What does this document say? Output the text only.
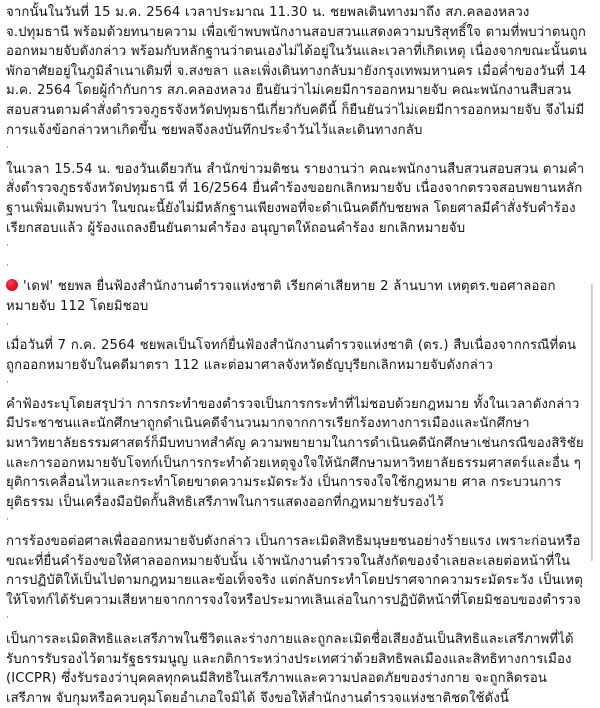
จากนั้นในวันที่ 15 ม.ค. 2564 เวลาประมาณ 11.30 น. ชยพลเดินทางมาถึง สภ.คลองหลวง จ.ปทุมธานี พร้อมด้วยทนายความ เพื่อเข้าพบพนักงานสอบสวนแสดงความบริสุทธิ์ใจ ตามที่พบว่าตนถูกออกหมายจับดังกล่าว พร้อมกับหลักฐานว่าตนเองไม่ได้อยู่ในวันและเวลาที่เกิดเหตุ เนื่องจากขณะนั้นตนพักอาศัยอยู่ในภูมิลำเนาเดิมที่ จ.สงขลา และเพิ่งเดินทางกลับมายังกรุงเทพมหานคร เมื่อค่ำของวันที่ 14 ม.ค. 2564 โดยผู้กำกับการ สภ.คลองหลวง ยืนยันว่าไม่เคยมีการออกหมายจับ คณะพนักงานสืบสวนสอบสวนตามคำสั่งตำรวจภูธรจังหวัดปทุมธานีเกี่ยวกับคดีนี้ ก็ยืนยันว่าไม่เคยมีการออกหมายจับ จึงไม่มีการแจ้งข้อกล่าวหาเกิดขึ้น ชยพลจึงลงบันทึกประจำวันไว้และเดินทางกลับ

·

ในเวลา 15.54 น. ของวันเดียวกัน สำนักข่าวมติชน รายงานว่า คณะพนักงานสืบสวนสอบสวน ตามคำสั่งตำรวจภูธรจังหวัดปทุมธานี ที่ 16/2564 ยื่นคำร้องขอยกเลิกหมายจับ เนื่องจากตรวจสอบพยานหลักฐานเพิ่มเติมพบว่า ในขณะนี้ยังไม่มีหลักฐานเพียงพอที่จะดำเนินคดีกับชยพล โดยศาลมีคำสั่งรับคำร้อง เรียกสอบแล้ว ผู้ร้องแถลงยืนยันตามคำร้อง อนุญาตให้ถอนคำร้อง ยกเลิกหมายจับ

·
·

'เดฟ' ชยพล ยื่นฟ้องสำนักงานตำรวจแห่งชาติ เรียกค่าเสียหาย 2 ล้านบาท เหตุตร.ขอศาลออกหมายจับ 112 โดยมิชอบ

·

เมื่อวันที่ 7 ก.ค. 2564 ชยพลเป็นโจทก์ยื่นฟ้องสำนักงานตำรวจแห่งชาติ (ตร.) สืบเนื่องจากกรณีที่ตนถูกออกหมายจับในคดีมาตรา 112 และต่อมาศาลจังหวัดธัญบุรียกเลิกหมายจับดังกล่าว

·

คำฟ้องระบุโดยสรุปว่า การกระทำของตำรวจเป็นการกระทำที่ไม่ชอบด้วยกฎหมาย ทั้งในเวลาดังกล่าวมีประชาชนและนักศึกษาถูกดำเนินคดีจำนวนมากจากการเรียกร้องทางการเมืองและนักศึกษามหาวิทยาลัยธรรมศาสตร์ก็มีบทบาทสำคัญ ความพยายามในการดำเนินคดีนักศึกษาเช่นกรณีของสิริชัย และการออกหมายจับโจทก์เป็นการกระทำด้วยเหตุจูงใจให้นักศึกษามหาวิทยาลัยธรรมศาสตร์และอื่น ๆ ยุติการเคลื่อนไหวและกระทำโดยขาดความระมัดระวัง เป็นการจงใจใช้กฎหมาย ศาล กระบวนการยุติธรรม เป็นเครื่องมือปัดกั้นสิทธิเสรีภาพในการแสดงออกที่กฎหมายรับรองไว้

·

การร้องขอต่อศาลเพื่อออกหมายจับดังกล่าว เป็นการละเมิดสิทธิมนุษยชนอย่างร้ายแรง เพราะก่อนหรือขณะที่ยื่นคำร้องขอให้ศาลออกหมายจับนั้น เจ้าพนักงานตำรวจในสังกัดของจำเลยละเลยต่อหน้าที่ในการปฏิบัติให้เป็นไปตามกฎหมายและข้อเท็จจริง แต่กลับกระทำโดยปราศจากความระมัดระวัง เป็นเหตุให้โจทก์ได้รับความเสียหายจากการจงใจหรือประมาทเลินเล่อในการปฏิบัติหน้าที่โดยมิชอบของตำรวจ

·

เป็นการละเมิดสิทธิและเสรีภาพในชีวิตและร่างกายและถูกละเมิดชื่อเสียงอันเป็นสิทธิและเสรีภาพที่ได้รับการรับรองไว้ตามรัฐธรรมนูญ และกติการะหว่างประเทศว่าด้วยสิทธิพลเมืองและสิทธิทางการเมือง (ICCPR) ซึ่งรับรองว่าบุคคลทุกคนมีสิทธิในเสรีภาพและความปลอดภัยของร่างกาย จะถูกลิดรอนเสรีภาพ จับกุมหรือควบคุมโดยอำเภอใจมิได้ จึงขอให้สำนักงานตำรวจแห่งชาติชดใช้ดังนี้
